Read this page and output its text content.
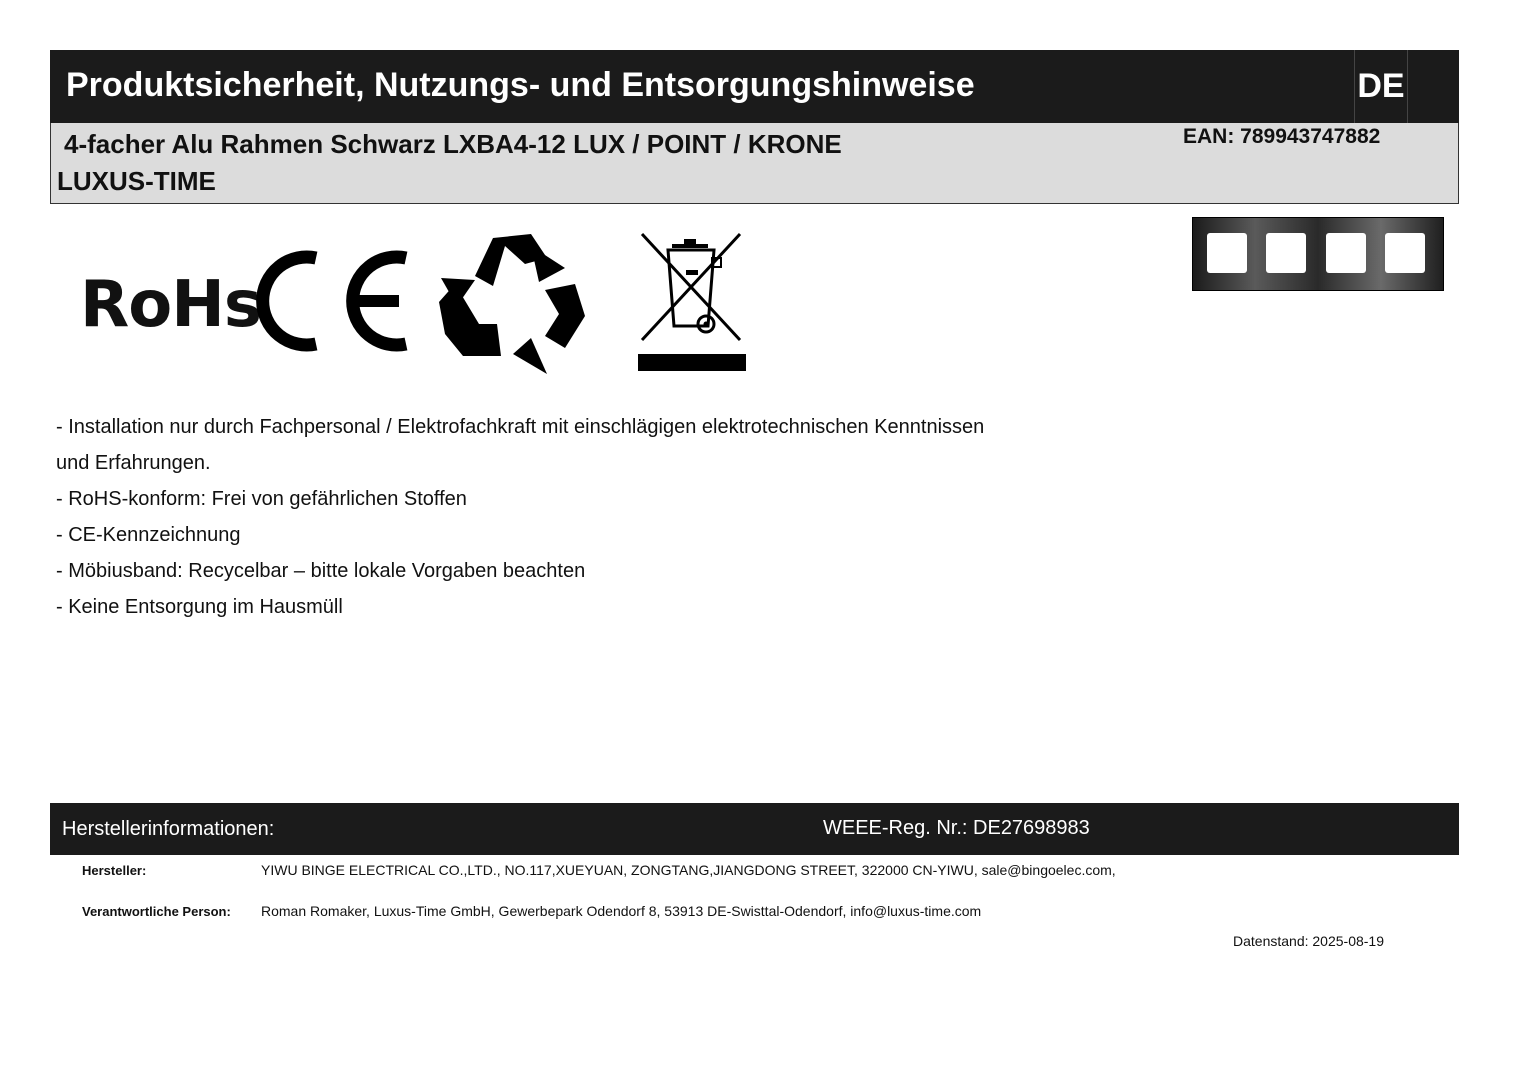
Produktsicherheit, Nutzungs- und Entsorgungshinweise	DE
4-facher Alu Rahmen Schwarz LXBA4-12 LUX / POINT / KRONE
LUXUS-TIME
EAN: 789943747882
RoHs
- Installation nur durch Fachpersonal / Elektrofachkraft mit einschlägigen elektrotechnischen Kenntnissen
und Erfahrungen.
- RoHS-konform: Frei von gefährlichen Stoffen
- CE-Kennzeichnung
- Möbiusband: Recycelbar – bitte lokale Vorgaben beachten
- Keine Entsorgung im Hausmüll
Herstellerinformationen:	WEEE-Reg. Nr.: DE27698983
Hersteller:	YIWU BINGE ELECTRICAL CO.,LTD., NO.117,XUEYUAN, ZONGTANG,JIANGDONG STREET, 322000 CN-YIWU, sale@bingoelec.com,
Verantwortliche Person: Roman Romaker, Luxus-Time GmbH, Gewerbepark Odendorf 8, 53913 DE-Swisttal-Odendorf, info@luxus-time.com
Datenstand: 2025-08-19
